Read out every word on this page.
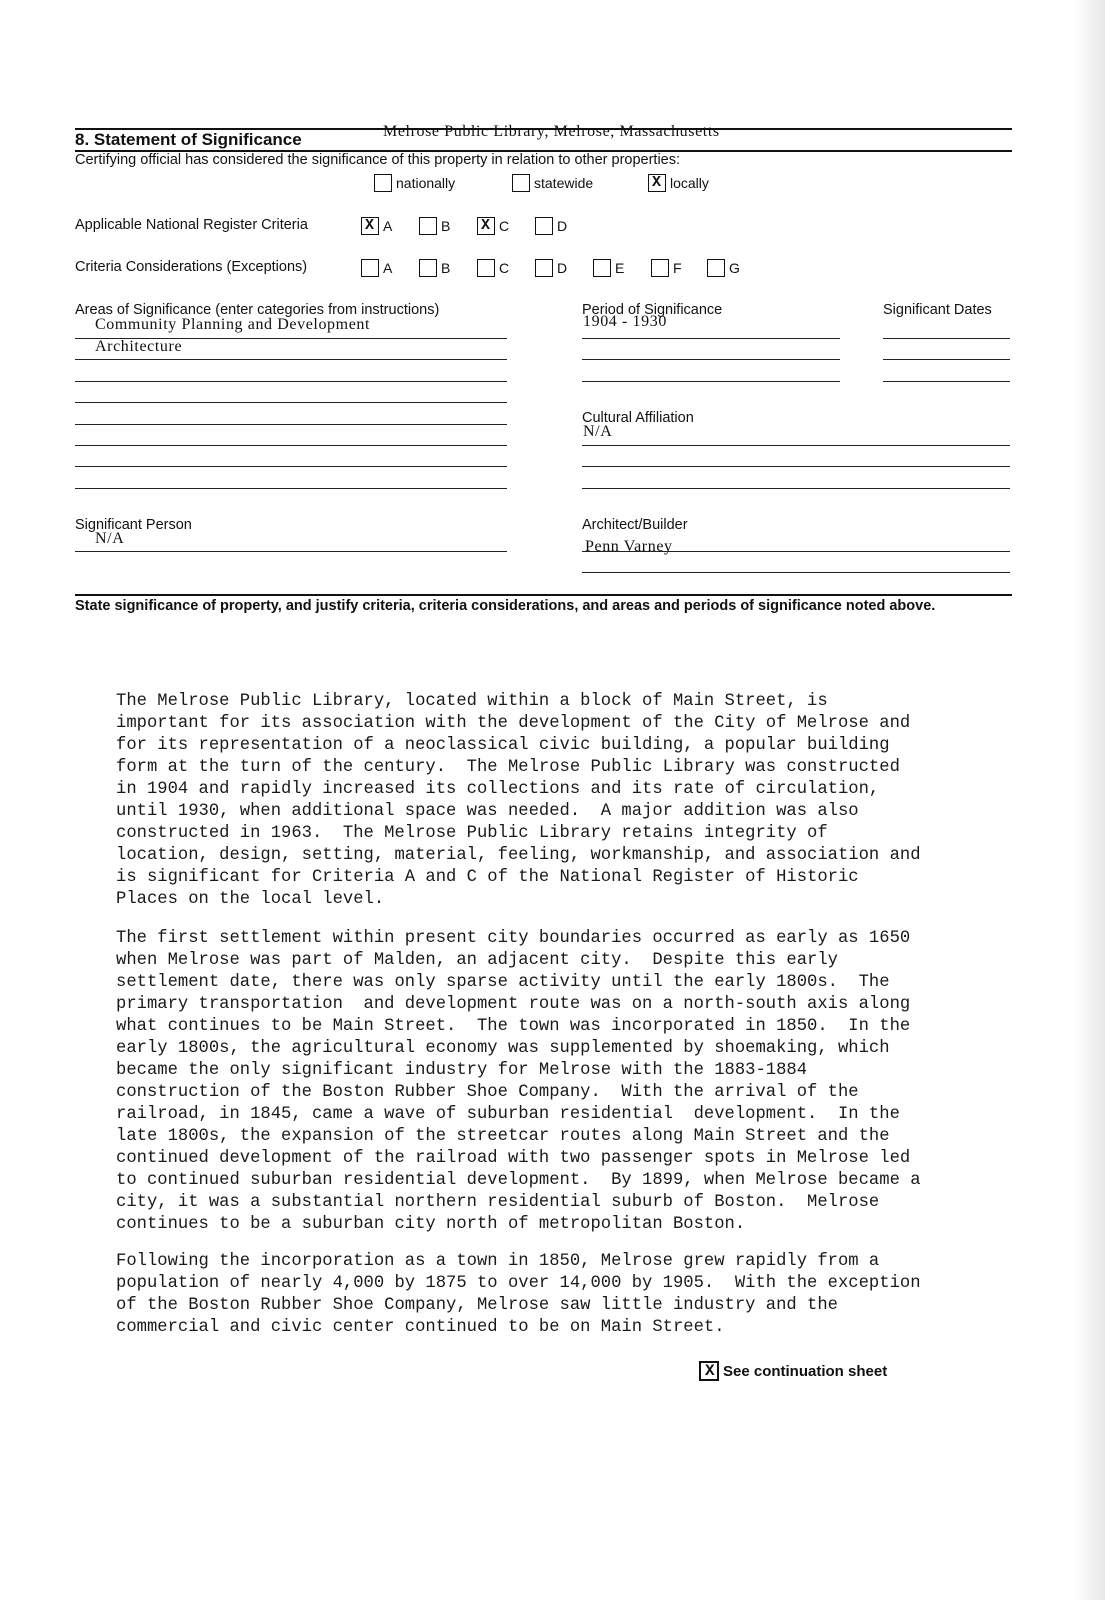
8. Statement of Significance	Melrose Public Library, Melrose, Massachusetts
Certifying official has considered the significance of this property in relation to other properties:
nationally	statewide	X locally
Applicable National Register Criteria	X A	B X C	D
Criteria Considerations (Exceptions)	A	B	C	D	E	F	G
Areas of Significance (enter categories from instructions)
Community Planning and Development
Architecture
Period of Significance
1904 - 1930
Significant Dates
Cultural Affiliation
N/A
Significant Person
N/A
Architect/Builder
Penn Varney
State significance of property, and justify criteria, criteria considerations, and areas and periods of significance noted above.
The Melrose Public Library, located within a block of Main Street, is
important for its association with the development of the City of Melrose and
for its representation of a neoclassical civic building, a popular building
form at the turn of the century.  The Melrose Public Library was constructed
in 1904 and rapidly increased its collections and its rate of circulation,
until 1930, when additional space was needed.  A major addition was also
constructed in 1963.  The Melrose Public Library retains integrity of
location, design, setting, material, feeling, workmanship, and association and
is significant for Criteria A and C of the National Register of Historic
Places on the local level.
The first settlement within present city boundaries occurred as early as 1650
when Melrose was part of Malden, an adjacent city.  Despite this early
settlement date, there was only sparse activity until the early 1800s.  The
primary transportation  and development route was on a north-south axis along
what continues to be Main Street.  The town was incorporated in 1850.  In the
early 1800s, the agricultural economy was supplemented by shoemaking, which
became the only significant industry for Melrose with the 1883-1884
construction of the Boston Rubber Shoe Company.  With the arrival of the
railroad, in 1845, came a wave of suburban residential  development.  In the
late 1800s, the expansion of the streetcar routes along Main Street and the
continued development of the railroad with two passenger spots in Melrose led
to continued suburban residential development.  By 1899, when Melrose became a
city, it was a substantial northern residential suburb of Boston.  Melrose
continues to be a suburban city north of metropolitan Boston.
Following the incorporation as a town in 1850, Melrose grew rapidly from a
population of nearly 4,000 by 1875 to over 14,000 by 1905.  With the exception
of the Boston Rubber Shoe Company, Melrose saw little industry and the
commercial and civic center continued to be on Main Street.
X See continuation sheet
